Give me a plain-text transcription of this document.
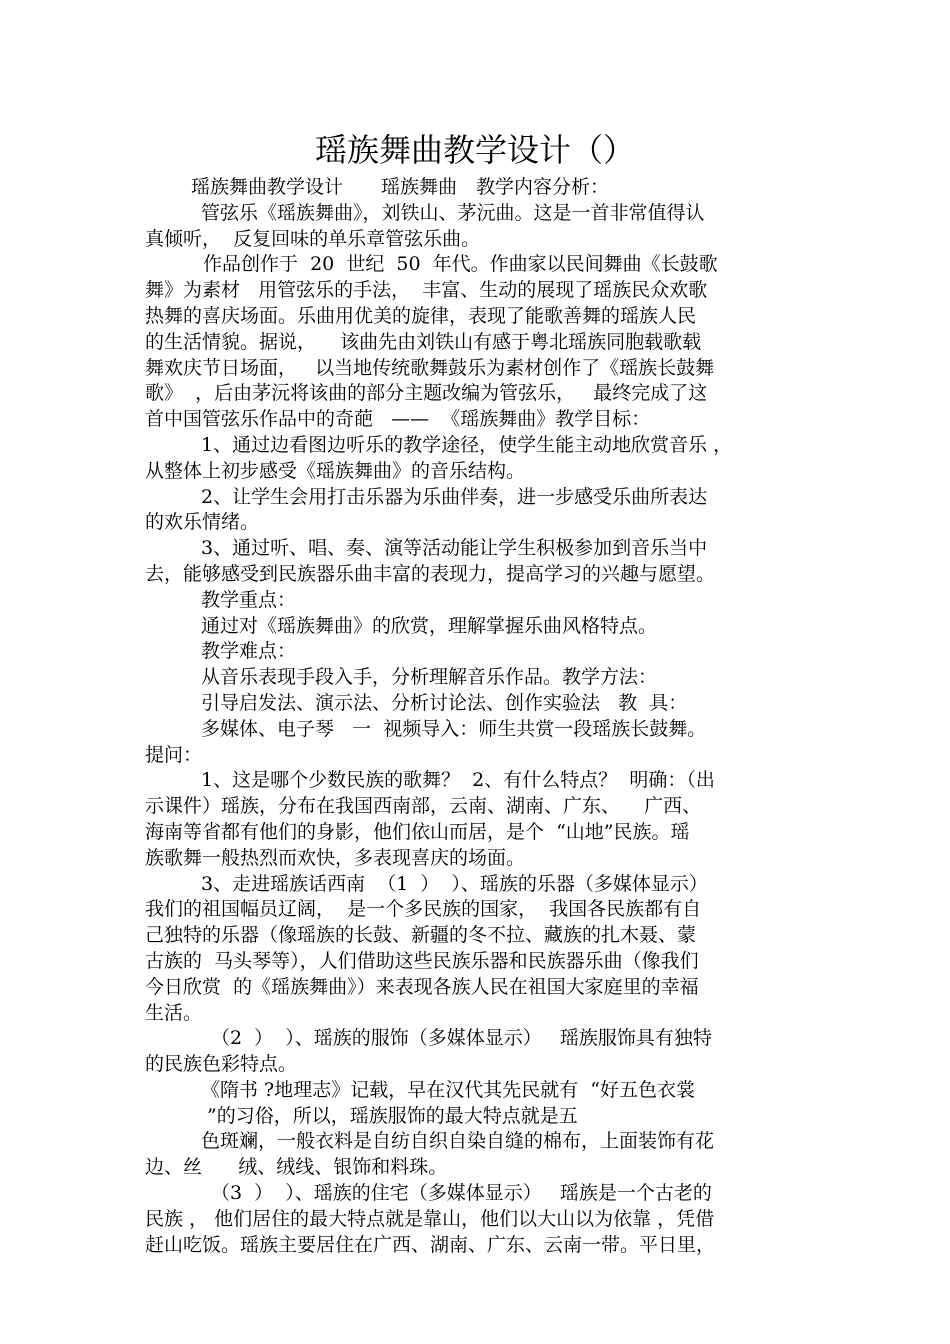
瑶族舞曲教学设计（）
瑶族舞曲教学设计　　瑶族舞曲　教学内容分析：
管弦乐《瑶族舞曲》，刘铁山、茅沅曲。这是一首非常值得认
真倾听，  反复回味的单乐章管弦乐曲。
作品创作于  20  世纪  50  年代。作曲家以民间舞曲《长鼓歌
舞》为素材   用管弦乐的手法，  丰富、生动的展现了瑶族民众欢歌
热舞的喜庆场面。乐曲用优美的旋律，表现了能歌善舞的瑶族人民
的生活情貌。据说，    该曲先由刘铁山有感于粤北瑶族同胞载歌载
舞欢庆节日场面，   以当地传统歌舞鼓乐为素材创作了《瑶族长鼓舞
歌》  ，后由茅沅将该曲的部分主题改编为管弦乐，   最终完成了这
首中国管弦乐作品中的奇葩   ——  《瑶族舞曲》教学目标：
1、通过边看图边听乐的教学途径，使学生能主动地欣赏音乐 ，
从整体上初步感受《瑶族舞曲》的音乐结构。
2、让学生会用打击乐器为乐曲伴奏，进一步感受乐曲所表达
的欢乐情绪。
3、通过听、唱、奏、演等活动能让学生积极参加到音乐当中
去，能够感受到民族器乐曲丰富的表现力，提高学习的兴趣与愿望。
教学重点：
通过对《瑶族舞曲》的欣赏，理解掌握乐曲风格特点。
教学难点：
从音乐表现手段入手，分析理解音乐作品。教学方法：
引导启发法、演示法、分析讨论法、创作实验法   教  具：
多媒体、电子琴   一  视频导入：师生共赏一段瑶族长鼓舞。
提问：
1、这是哪个少数民族的歌舞？  2、有什么特点？  明确：（出
示课件）瑶族，分布在我国西南部，云南、湖南、广东、    广西、
海南等省都有他们的身影，他们依山而居，是个  “山地”民族。瑶
族歌舞一般热烈而欢快，多表现喜庆的场面。
3、走进瑶族话西南  （1  ）  ）、瑶族的乐器（多媒体显示）
我们的祖国幅员辽阔，  是一个多民族的国家，  我国各民族都有自
己独特的乐器（像瑶族的长鼓、新疆的冬不拉、藏族的扎木聂、蒙
古族的  马头琴等），人们借助这些民族乐器和民族器乐曲（像我们
今日欣赏  的《瑶族舞曲》）来表现各族人民在祖国大家庭里的幸福
生活。
（2  ）  ）、瑶族的服饰（多媒体显示）   瑶族服饰具有独特
的民族色彩特点。
《隋书 ?地理志》记载，早在汉代其先民就有  “好五色衣裳
”的习俗，所以，瑶族服饰的最大特点就是五
色斑斓，一般衣料是自纺自织自染自缝的棉布，上面装饰有花
边、丝      绒、绒线、银饰和料珠。
（3  ）  ）、瑶族的住宅（多媒体显示）   瑶族是一个古老的
民族 ， 他们居住的最大特点就是靠山，他们以大山以为依靠 ，凭借
赶山吃饭。瑶族主要居住在广西、湖南、广东、云南一带。平日里，
